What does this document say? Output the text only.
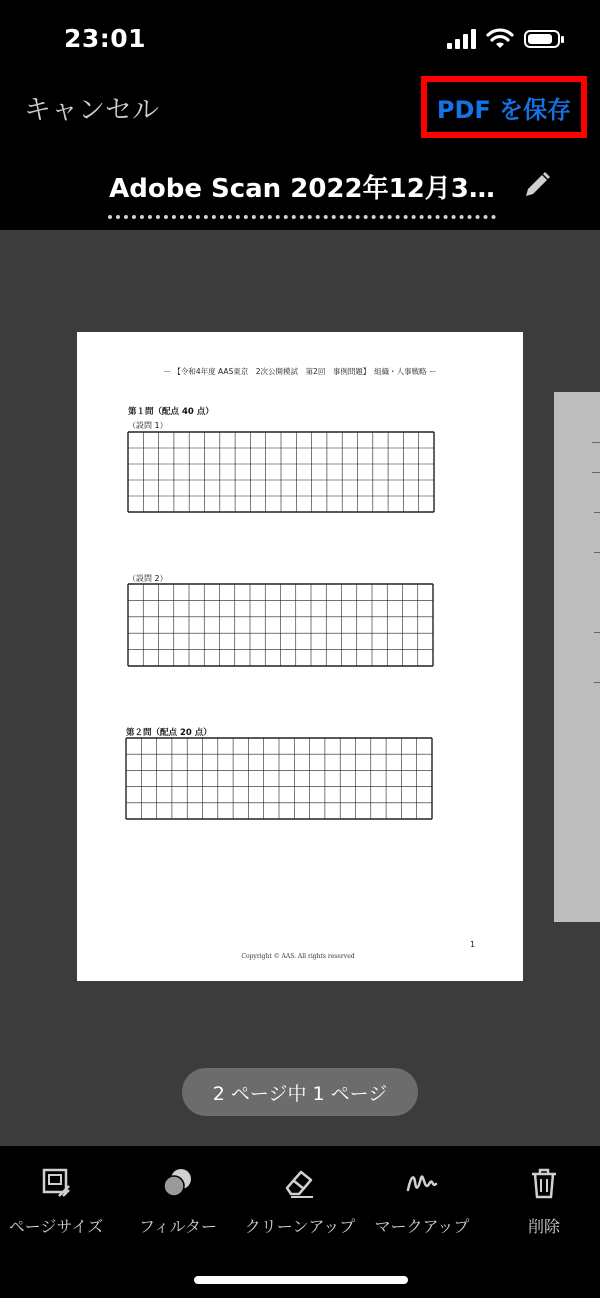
23:01
キャンセル	PDF を保存
Adobe Scan 2022年12月3…
ー 【令和4年度 AAS東京　2次公開模試　第2回　事例問題】　組織・人事戦略 ー
第１問（配点 40 点）
（設問 1）
（設問 2）
第２問（配点 20 点）
1
Copyright © AAS. All rights reserved
2 ページ中 1 ページ
ページサイズ フィルター クリーンアップ マークアップ	削除
